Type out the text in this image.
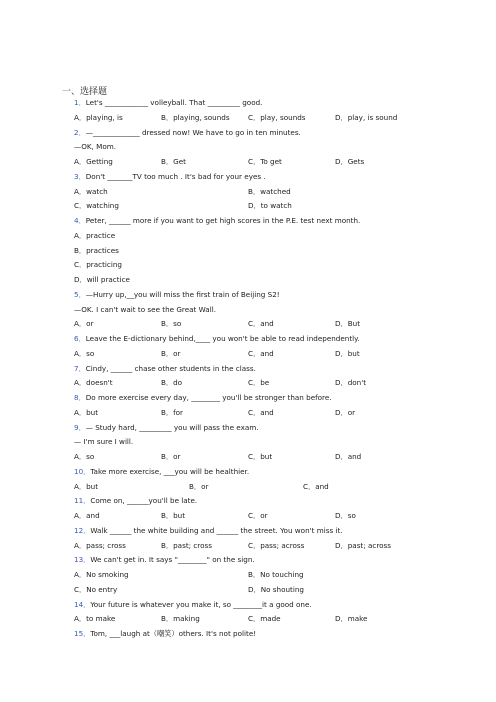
一、选择题
1．Let's ____________ volleyball. That _________ good.
A．playing, is	B．playing, sounds	C．play, sounds	D．play, is sound
2．—_____________ dressed now! We have to go in ten minutes.
—OK, Mom.
A．Getting	B．Get	C．To get	D．Gets
3．Don't _______TV too much . It's bad for your eyes .
A．watch	B．watched
C．watching	D．to watch
4．Peter, ______ more if you want to get high scores in the P.E. test next month.
A．practice
B．practices
C．practicing
D．will practice
5．—Hurry up,__you will miss the first train of Beijing S2!
—OK. I can't wait to see the Great Wall.
A．or	B．so	C．and	D．But
6．Leave the E-dictionary behind,____ you won't be able to read independently.
A．so	B．or	C．and	D．but
7．Cindy, ______ chase other students in the class.
A．doesn't	B．do	C．be	D．don't
8．Do more exercise every day, ________ you'll be stronger than before.
A．but	B．for	C．and	D．or
9．— Study hard, _________ you will pass the exam.
— I'm sure I will.
A．so	B．or	C．but	D．and
10．Take more exercise, ___you will be healthier.
A．but	B．or	C．and
11．Come on, ______you'll be late.
A．and	B．but	C．or	D．so
12．Walk ______ the white building and ______ the street. You won't miss it.
A．pass; cross	B．past; cross	C．pass; across	D．past; across
13．We can't get in. It says "________" on the sign.
A．No smoking	B．No touching
C．No entry	D．No shouting
14．Your future is whatever you make it, so ________it a good one.
A．to make	B．making	C．made	D．make
15．Tom, ___laugh at（嘲笑）others. It's not polite!
